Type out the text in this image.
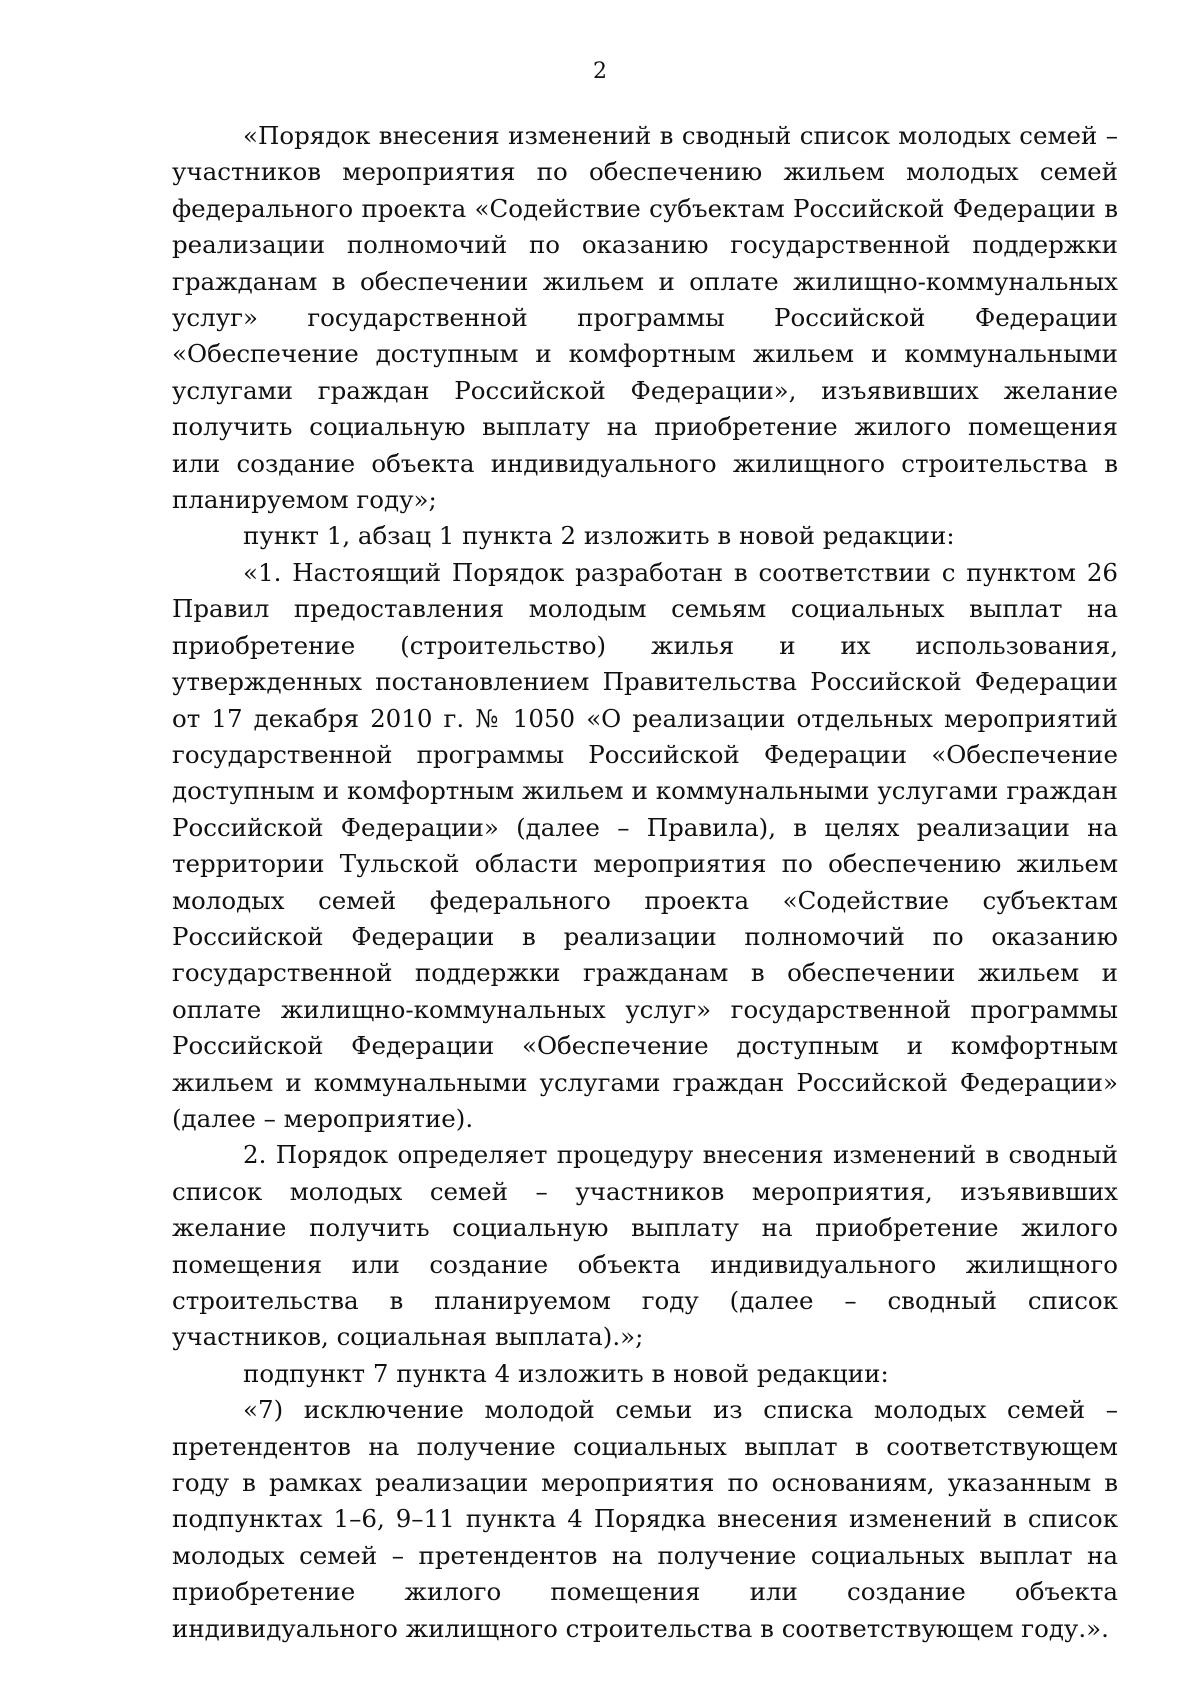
2

«Порядок внесения изменений в сводный список молодых семей – участников мероприятия по обеспечению жильем молодых семей федерального проекта «Содействие субъектам Российской Федерации в реализации полномочий по оказанию государственной поддержки гражданам в обеспечении жильем и оплате жилищно-коммунальных услуг» государственной программы Российской Федерации «Обеспечение доступным и комфортным жильем и коммунальными услугами граждан Российской Федерации», изъявивших желание получить социальную выплату на приобретение жилого помещения или создание объекта индивидуального жилищного строительства в планируемом году»;

пункт 1, абзац 1 пункта 2 изложить в новой редакции:

«1. Настоящий Порядок разработан в соответствии с пунктом 26 Правил предоставления молодым семьям социальных выплат на приобретение (строительство) жилья и их использования, утвержденных постановлением Правительства Российской Федерации от 17 декабря 2010 г. № 1050 «О реализации отдельных мероприятий государственной программы Российской Федерации «Обеспечение доступным и комфортным жильем и коммунальными услугами граждан Российской Федерации» (далее – Правила), в целях реализации на территории Тульской области мероприятия по обеспечению жильем молодых семей федерального проекта «Содействие субъектам Российской Федерации в реализации полномочий по оказанию государственной поддержки гражданам в обеспечении жильем и оплате жилищно-коммунальных услуг» государственной программы Российской Федерации «Обеспечение доступным и комфортным жильем и коммунальными услугами граждан Российской Федерации» (далее – мероприятие).

2. Порядок определяет процедуру внесения изменений в сводный список молодых семей – участников мероприятия, изъявивших желание получить социальную выплату на приобретение жилого помещения или создание объекта индивидуального жилищного строительства в планируемом году (далее – сводный список участников, социальная выплата).»;

подпункт 7 пункта 4 изложить в новой редакции:

«7) исключение молодой семьи из списка молодых семей – претендентов на получение социальных выплат в соответствующем году в рамках реализации мероприятия по основаниям, указанным в подпунктах 1–6, 9–11 пункта 4 Порядка внесения изменений в список молодых семей – претендентов на получение социальных выплат на приобретение жилого помещения или создание объекта индивидуального жилищного строительства в соответствующем году.».
